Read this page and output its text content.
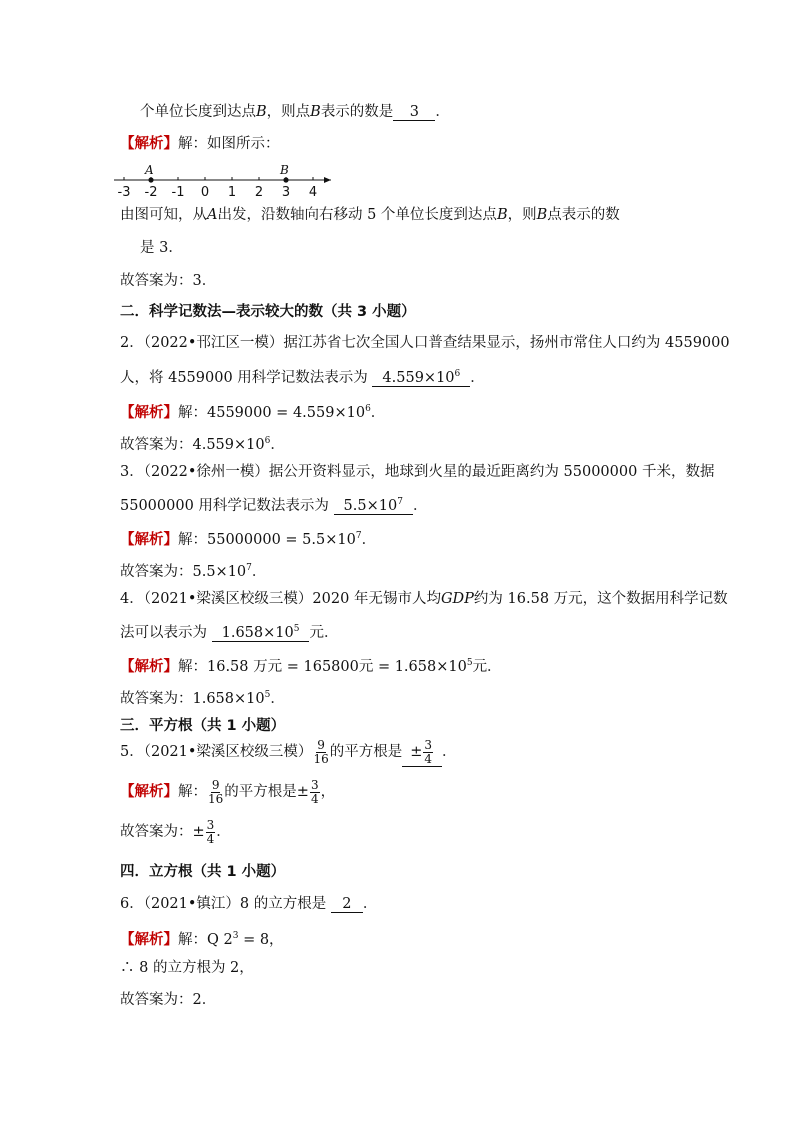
个单位长度到达点B，则点B表示的数是 3 ．
【解析】解：如图所示：
-3 -2 -1 0 1 2 3 4
A	B
由图可知，从A出发，沿数轴向右移动 5 个单位长度到达点B，则B点表示的数
是 3．
故答案为：3．
二．科学记数法—表示较大的数（共 3 小题）
2．（2022•邗江区一模）据江苏省七次全国人口普查结果显示，扬州市常住人口约为 4559000
人，将 4559000 用科学记数法表示为 $4.559\times 10^6$ ．
【解析】解：$4559000 = 4.559\times 10^6$．
故答案为：$4.559\times 10^6$．
3．（2022•徐州一模）据公开资料显示，地球到火星的最近距离约为 55000000 千米，数据
55000000 用科学记数法表示为 $5.5\times 10^7$ ．
【解析】解：$55000000 = 5.5\times 10^7$．
故答案为：$5.5\times 10^7$．
4．（2021•梁溪区校级三模）2020 年无锡市人均GDP约为 16.58 万元，这个数据用科学记数
法可以表示为 $1.658\times 10^5$ 元．
【解析】解：16.58 万元 = 165800元 = $1.658\times 10^5$元．
故答案为：$1.658\times 10^5$．
三．平方根（共 1 小题）
5．（2021•梁溪区校级三模） $\frac{9}{16}$ 的平方根是 ± $\frac{3}{4}$ ．
【解析】解： $\frac{9}{16}$ 的平方根是± $\frac{3}{4}$ ，
故答案为：± $\frac{3}{4}$ ．
四．立方根（共 1 小题）
6．（2021•镇江）8 的立方根是 2 ．
【解析】解：Q $2^3 = 8$，
∴ 8 的立方根为 2，
故答案为：2．
